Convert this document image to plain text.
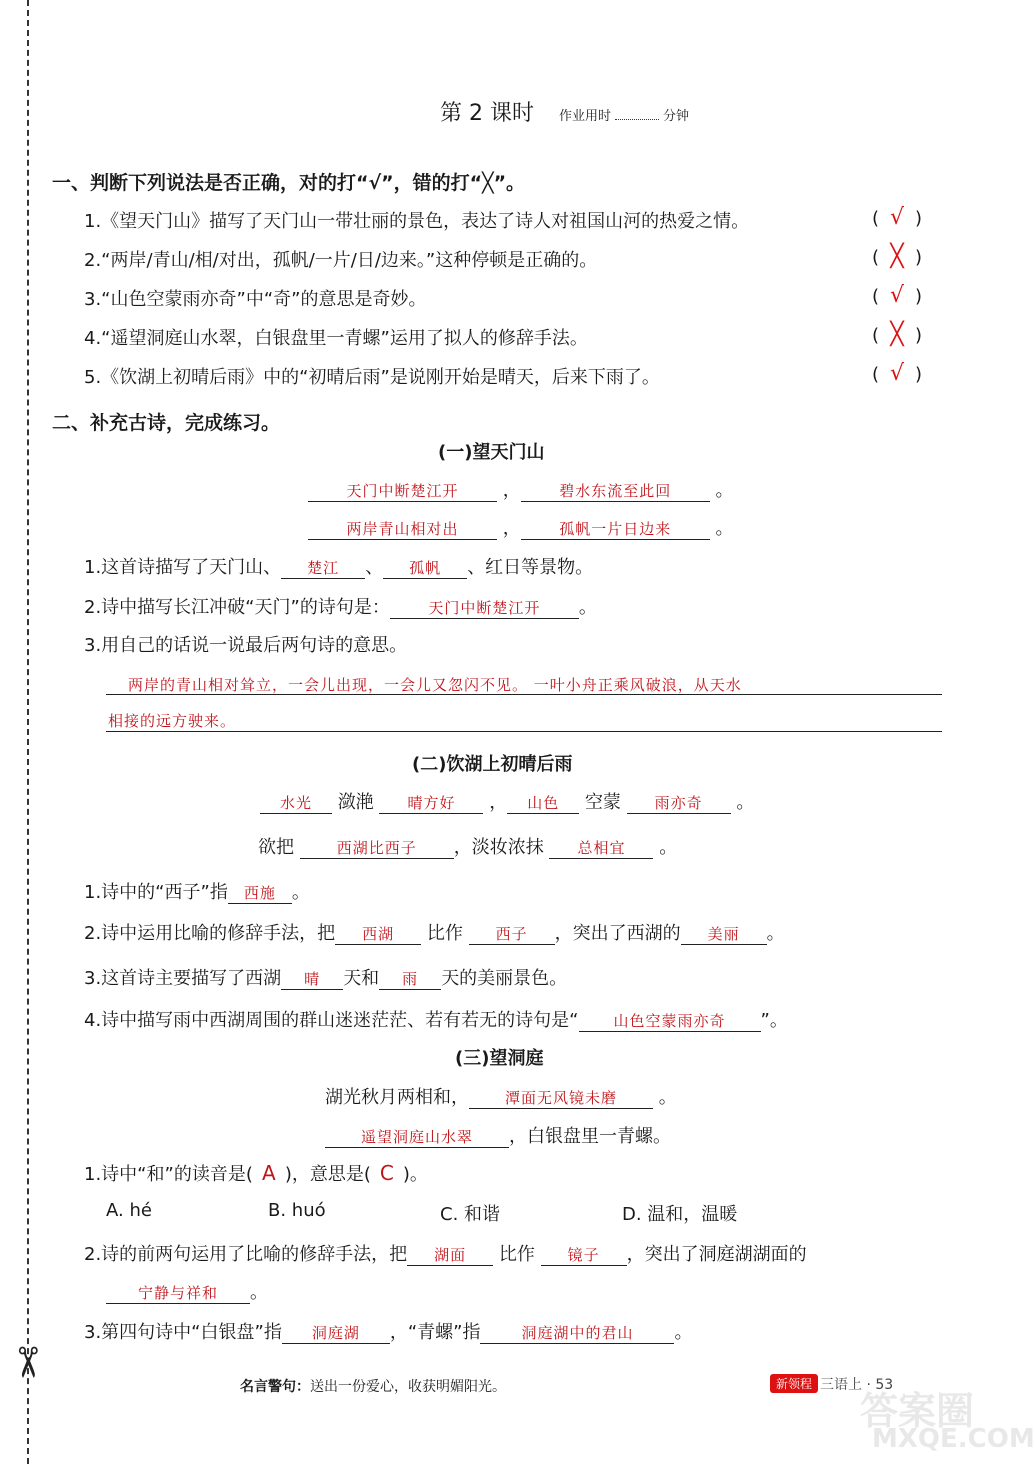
✂
第 2 课时 作业用时	分钟
一、判断下列说法是否正确，对的打“√”，错的打“╳”。
1.《望天门山》描写了天门山一带壮丽的景色，表达了诗人对祖国山河的热爱之情。	( √ )
2.“两岸/青山/相/对出，孤帆/一片/日/边来。”这种停顿是正确的。	( ╳ )
3.“山色空蒙雨亦奇”中“奇”的意思是奇妙。	( √ )
4.“遥望洞庭山水翠，白银盘里一青螺”运用了拟人的修辞手法。	( ╳ )
5.《饮湖上初晴后雨》中的“初晴后雨”是说刚开始是晴天，后来下雨了。	( √ )
二、补充古诗，完成练习。
(一)望天门山
天门中断楚江开 ，	碧水东流至此回 。
两岸青山相对出 ，	孤帆一片日边来 。
1.这首诗描写了天门山、 楚江 、 孤帆 、红日等景物。
2.诗中描写长江冲破“天门”的诗句是：	天门中断楚江开 。
3.用自己的话说一说最后两句诗的意思。
两岸的青山相对耸立，一会儿出现，一会儿又忽闪不见。 一叶小舟正乘风破浪，从天水
相接的远方驶来。
(二)饮湖上初晴后雨
水光 潋滟 晴方好 ， 山色 空蒙 雨亦奇 。
欲把	西湖比西子 ，淡妆浓抹 总相宜 。
1.诗中的“西子”指 西施 。
2.诗中运用比喻的修辞手法，把 西湖 比作 西子 ，突出了西湖的 美丽 。
3.这首诗主要描写了西湖 晴 天和 雨 天的美丽景色。
4.诗中描写雨中西湖周围的群山迷迷茫茫、若有若无的诗句是“ 山色空蒙雨亦奇 ”。
(三)望洞庭
湖光秋月两相和， 潭面无风镜未磨 。
遥望洞庭山水翠 ，白银盘里一青螺。
1.诗中“和”的读音是( A )，意思是( C )。
A. hé	B. huó	C. 和谐	D. 温和，温暖
2.诗的前两句运用了比喻的修辞手法，把 湖面 比作 镜子 ，突出了洞庭湖湖面的
宁静与祥和 。
3.第四句诗中“白银盘”指 洞庭湖 ，“青螺”指	洞庭湖中的君山 。
名言警句：送出一份爱心，收获明媚阳光。	新领程 三语上 · 53
答案圈
MXQE.COM
